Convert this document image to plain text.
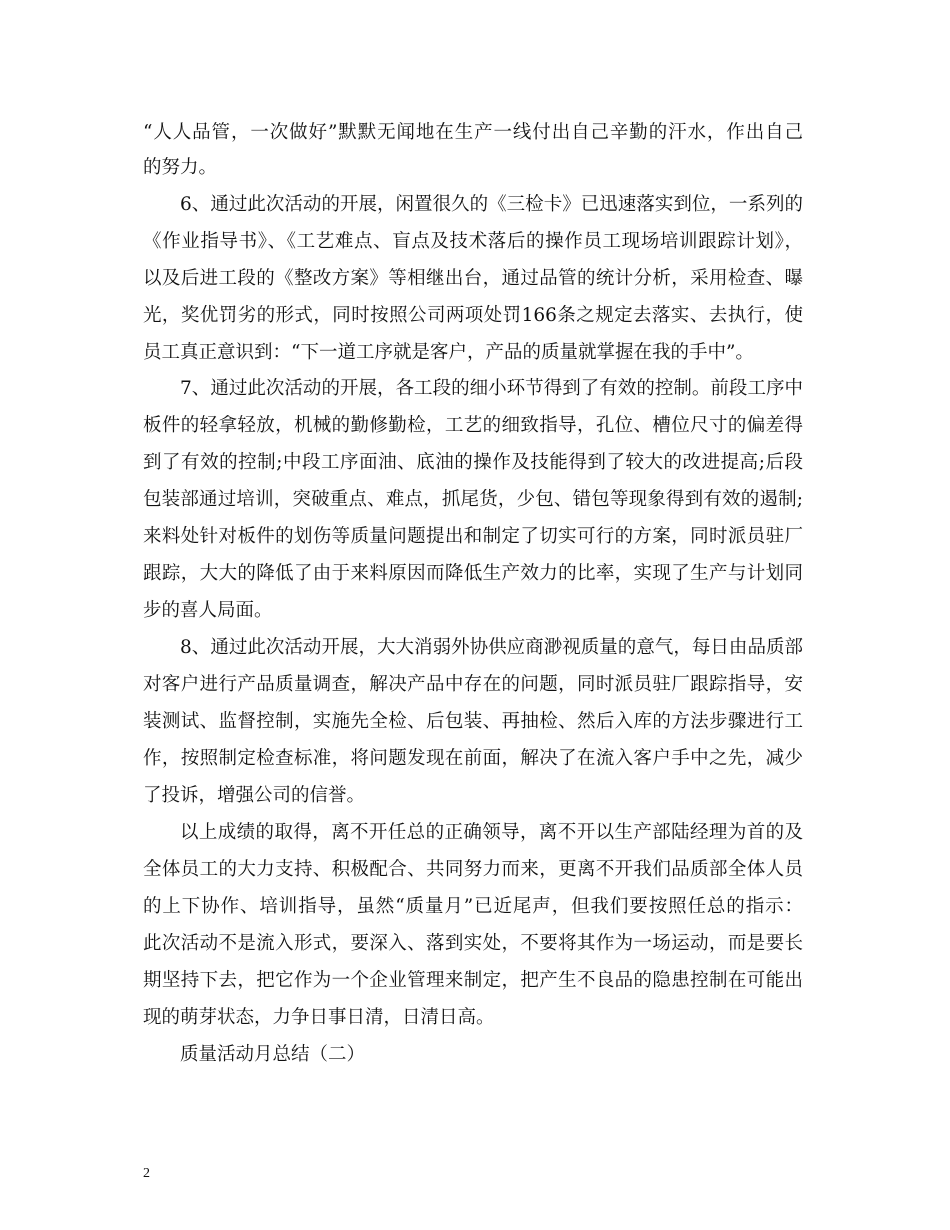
“人人品管，一次做好”默默无闻地在生产一线付出自己辛勤的汗水，作出自己
的努力。
6、通过此次活动的开展，闲置很久的《三检卡》已迅速落实到位，一系列的
《作业指导书》、《工艺难点、盲点及技术落后的操作员工现场培训跟踪计划》，
以及后进工段的《整改方案》等相继出台，通过品管的统计分析，采用检查、曝
光，奖优罚劣的形式，同时按照公司两项处罚166条之规定去落实、去执行，使
员工真正意识到：“下一道工序就是客户，产品的质量就掌握在我的手中”。
7、通过此次活动的开展，各工段的细小环节得到了有效的控制。前段工序中
板件的轻拿轻放，机械的勤修勤检，工艺的细致指导，孔位、槽位尺寸的偏差得
到了有效的控制;中段工序面油、底油的操作及技能得到了较大的改进提高;后段
包装部通过培训，突破重点、难点，抓尾货，少包、错包等现象得到有效的遏制;
来料处针对板件的划伤等质量问题提出和制定了切实可行的方案，同时派员驻厂
跟踪，大大的降低了由于来料原因而降低生产效力的比率，实现了生产与计划同
步的喜人局面。
8、通过此次活动开展，大大消弱外协供应商渺视质量的意气，每日由品质部
对客户进行产品质量调查，解决产品中存在的问题，同时派员驻厂跟踪指导，安
装测试、监督控制，实施先全检、后包装、再抽检、然后入库的方法步骤进行工
作，按照制定检查标准，将问题发现在前面，解决了在流入客户手中之先，减少
了投诉，增强公司的信誉。
以上成绩的取得，离不开任总的正确领导，离不开以生产部陆经理为首的及
全体员工的大力支持、积极配合、共同努力而来，更离不开我们品质部全体人员
的上下协作、培训指导，虽然“质量月”已近尾声，但我们要按照任总的指示：
此次活动不是流入形式，要深入、落到实处，不要将其作为一场运动，而是要长
期坚持下去，把它作为一个企业管理来制定，把产生不良品的隐患控制在可能出
现的萌芽状态，力争日事日清，日清日高。
质量活动月总结（二）
2
